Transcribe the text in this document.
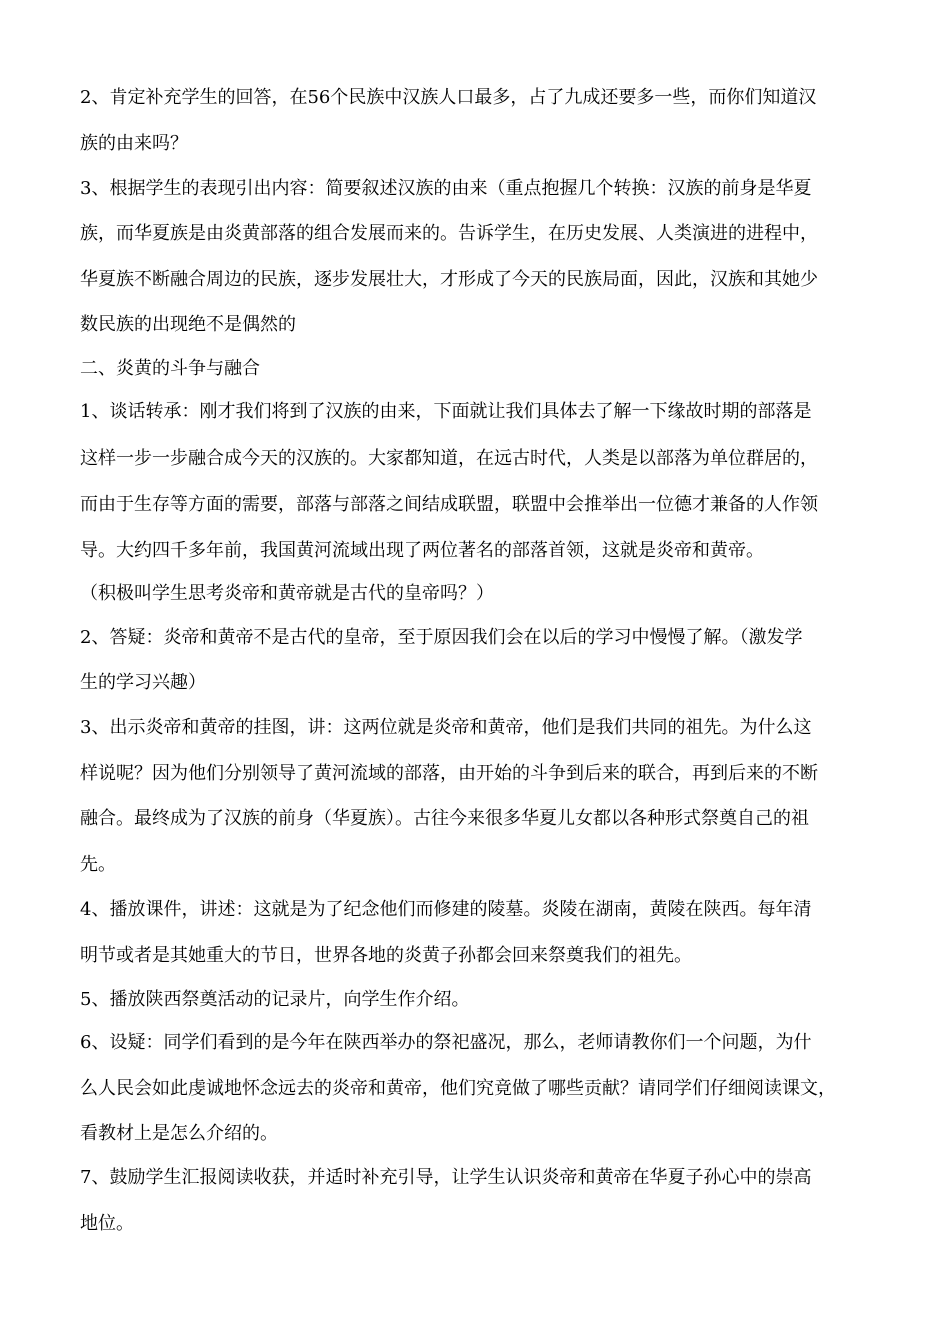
2、肯定补充学生的回答，在56个民族中汉族人口最多，占了九成还要多一些，而你们知道汉

族的由来吗？

3、根据学生的表现引出内容：简要叙述汉族的由来（重点抱握几个转换：汉族的前身是华夏

族，而华夏族是由炎黄部落的组合发展而来的。告诉学生，在历史发展、人类演进的进程中，

华夏族不断融合周边的民族，逐步发展壮大，才形成了今天的民族局面，因此，汉族和其她少

数民族的出现绝不是偶然的

二、炎黄的斗争与融合

1、谈话转承：刚才我们将到了汉族的由来，下面就让我们具体去了解一下缘故时期的部落是

这样一步一步融合成今天的汉族的。大家都知道，在远古时代，人类是以部落为单位群居的，

而由于生存等方面的需要，部落与部落之间结成联盟，联盟中会推举出一位德才兼备的人作领

导。大约四千多年前，我国黄河流域出现了两位著名的部落首领，这就是炎帝和黄帝。

（积极叫学生思考炎帝和黄帝就是古代的皇帝吗？）

2、答疑：炎帝和黄帝不是古代的皇帝，至于原因我们会在以后的学习中慢慢了解。（激发学

生的学习兴趣）

3、出示炎帝和黄帝的挂图，讲：这两位就是炎帝和黄帝，他们是我们共同的祖先。为什么这

样说呢？因为他们分别领导了黄河流域的部落，由开始的斗争到后来的联合，再到后来的不断

融合。最终成为了汉族的前身（华夏族）。古往今来很多华夏儿女都以各种形式祭奠自己的祖

先。

4、播放课件，讲述：这就是为了纪念他们而修建的陵墓。炎陵在湖南，黄陵在陕西。每年清

明节或者是其她重大的节日，世界各地的炎黄子孙都会回来祭奠我们的祖先。

5、播放陕西祭奠活动的记录片，向学生作介绍。

6、设疑：同学们看到的是今年在陕西举办的祭祀盛况，那么，老师请教你们一个问题，为什

么人民会如此虔诚地怀念远去的炎帝和黄帝，他们究竟做了哪些贡献？请同学们仔细阅读课文，

看教材上是怎么介绍的。

7、鼓励学生汇报阅读收获，并适时补充引导，让学生认识炎帝和黄帝在华夏子孙心中的崇高

地位。
